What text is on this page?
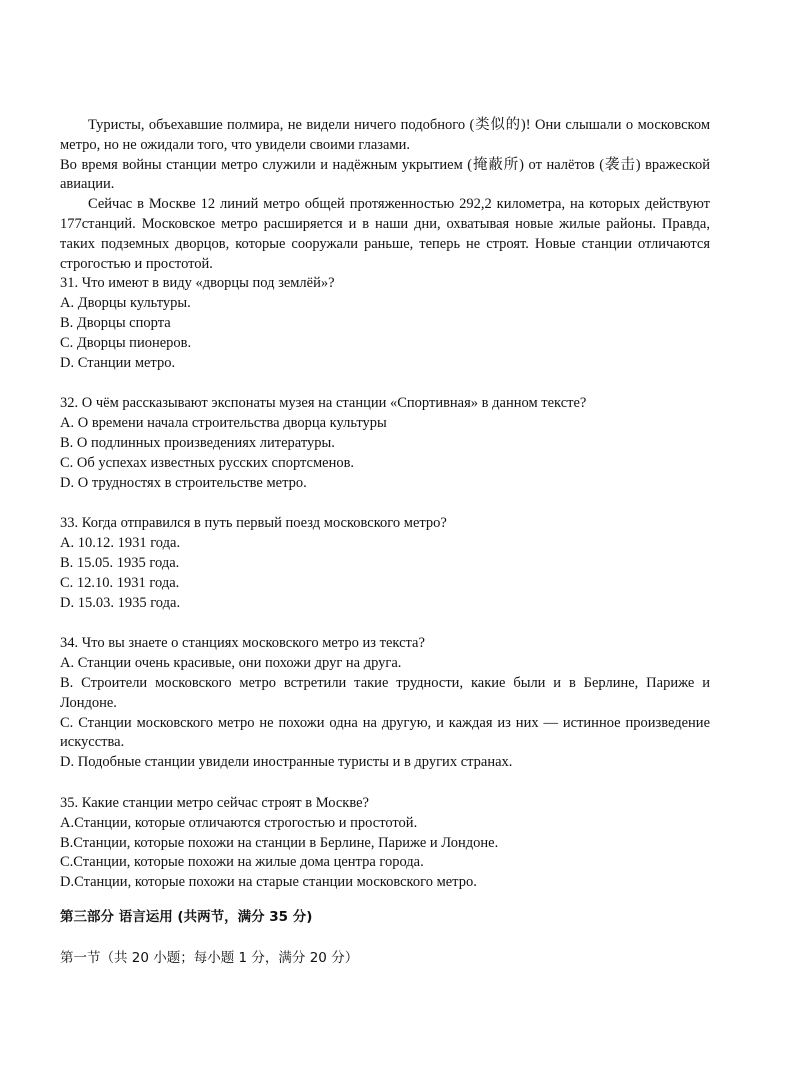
Туристы, объехавшие полмира, не видели ничего подобного (类似的)! Они слышали о московском метро, но не ожидали того, что увидели своими глазами.

Во время войны станции метро служили и надёжным укрытием (掩蔽所) от налётов (袭击) вражеской авиации.

Сейчас в Москве 12 линий метро общей протяженностью 292,2 километра, на которых действуют 177станций. Московское метро расширяется и в наши дни, охватывая новые жилые районы. Правда, таких подземных дворцов, которые сооружали раньше, теперь не строят. Новые станции отличаются строгостью и простотой.

31. Что имеют в виду «дворцы под землёй»?

A. Дворцы культуры.

B. Дворцы спорта

C. Дворцы пионеров.

D. Станции метро.

32. О чём рассказывают экспонаты музея на станции «Спортивная» в данном тексте?

A. О времени начала строительства дворца культуры

B. О подлинных произведениях литературы.

C. Об успехах известных русских спортсменов.

D. О трудностях в строительстве метро.

33. Когда отправился в путь первый поезд московского метро?

A. 10.12. 1931 года.

B. 15.05. 1935 года.

C. 12.10. 1931 года.

D. 15.03. 1935 года.

34. Что вы знаете о станциях московского метро из текста?

A. Станции очень красивые, они похожи друг на друга.

B. Строители московского метро встретили такие трудности, какие были и в Берлине, Париже и Лондоне.

C. Станции московского метро не похожи одна на другую, и каждая из них — истинное произведение искусства.

D. Подобные станции увидели иностранные туристы и в других странах.

35. Какие станции метро сейчас строят в Москве?

A.Станции, которые отличаются строгостью и простотой.

B.Станции, которые похожи на станции в Берлине, Париже и Лондоне.

C.Станции, которые похожи на жилые дома центра города.

D.Станции, которые похожи на старые станции московского метро.

第三部分 语言运用 (共两节，满分 35 分)
第一节（共 20 小题；每小题 1 分，满分 20 分）
